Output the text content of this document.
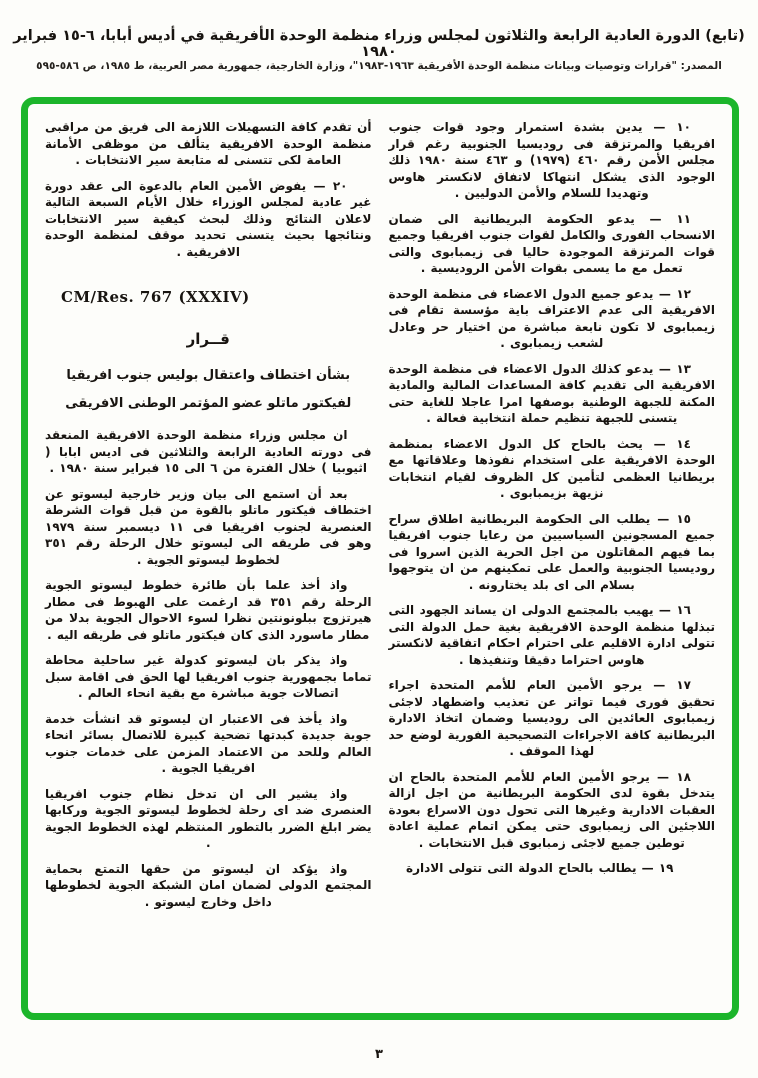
(تابع) الدورة العادية الرابعة والثلاثون لمجلس وزراء منظمة الوحدة الأفريقية في أديس أبابا، ٦-١٥ فبراير ١٩٨٠
المصدر: "قرارات وتوصيات وبيانات منظمة الوحدة الأفريقية ١٩٦٣-١٩٨٣"، وزارة الخارجية، جمهورية مصر العربية، ط ١٩٨٥، ص ٥٨٦-٥٩٥

١٠ — يدين بشدة استمرار وجود قوات جنوب افريقيا والمرتزقة فى روديسيا الجنوبية رغم قرار مجلس الأمن رقم ٤٦٠ (١٩٧٩) و ٤٦٣ سنة ١٩٨٠ ذلك الوجود الذى يشكل انتهاكا لاتفاق لانكستر هاوس وتهديدا للسلام والأمن الدوليين .

١١ — يدعو الحكومة البريطانية الى ضمان الانسحاب الفورى والكامل لقوات جنوب افريقيا وجميع قوات المرتزقة الموجودة حاليا فى زيمبابوى والتى تعمل مع ما يسمى بقوات الأمن الروديسية .

١٢ — يدعو جميع الدول الاعضاء فى منظمة الوحدة الافريقية الى عدم الاعتراف باية مؤسسة تقام فى زيمبابوى لا تكون نابعة مباشرة من اختيار حر وعادل لشعب زيمبابوى .

١٣ — يدعو كذلك الدول الاعضاء فى منظمة الوحدة الافريقية الى تقديم كافة المساعدات المالية والمادية المكنة للجبهة الوطنية بوصفها امرا عاجلا للغاية حتى يتسنى للجبهة تنظيم حملة انتخابية فعالة .

١٤ — يحث بالحاح كل الدول الاعضاء بمنظمة الوحدة الافريقية على استخدام نفوذها وعلاقاتها مع بريطانيا العظمى لتأمين كل الظروف لقيام انتخابات نزيهة بزيمبابوى .

١٥ — يطلب الى الحكومة البريطانية اطلاق سراح جميع المسجونين السياسيين من رعايا جنوب افريقيا بما فيهم المقاتلون من اجل الحرية الذين اسروا فى روديسيا الجنوبية والعمل على تمكينهم من ان يتوجهوا بسلام الى اى بلد يختارونه .

١٦ — يهيب بالمجتمع الدولى ان يساند الجهود التى تبذلها منظمة الوحدة الافريقية بغية حمل الدولة التى تتولى ادارة الاقليم على احترام احكام اتفاقية لانكستر هاوس احتراما دقيقا وتنفيذها .

١٧ — يرجو الأمين العام للأمم المتحدة اجراء تحقيق فورى فيما تواتر عن تعذيب واضطهاد لاجئى زيمبابوى العائدين الى روديسيا وضمان اتخاذ الادارة البريطانية كافة الاجراءات التصحيحية الفورية لوضع حد لهذا الموقف .

١٨ — يرجو الأمين العام للأمم المتحدة بالحاح ان يتدخل بقوة لدى الحكومة البريطانية من اجل ازالة العقبات الادارية وغيرها التى تحول دون الاسراع بعودة اللاجئين الى زيمبابوى حتى يمكن اتمام عملية اعادة توطين جميع لاجئى زمبابوى قبل الانتخابات .

١٩ — يطالب بالحاح الدولة التى تتولى الادارة

أن تقدم كافة التسهيلات اللازمة الى فريق من مراقبى منظمة الوحدة الافريقية يتألف من موظفى الأمانة العامة لكى تتسنى له متابعة سير الانتخابات .

٢٠ — يفوض الأمين العام بالدعوة الى عقد دورة غير عادية لمجلس الوزراء خلال الأيام السبعة التالية لاعلان النتائج وذلك لبحث كيفية سير الانتخابات ونتائجها بحيث يتسنى تحديد موقف لمنظمة الوحدة الافريقية .

CM/Res. 767 (XXXIV)
قــرار
بشأن اختطاف واعتقال بوليس جنوب افريقيا
لفيكتور ماتلو عضو المؤتمر الوطنى الافريقى

ان مجلس وزراء منظمة الوحدة الافريقية المنعقد فى دورته العادية الرابعة والثلاثين فى اديس ابابا ( اثيوبيا ) خلال الفترة من ٦ الى ١٥ فبراير سنة ١٩٨٠ .

بعد أن استمع الى بيان وزير خارجية ليسوتو عن اختطاف فيكتور ماتلو بالقوة من قبل قوات الشرطة العنصرية لجنوب افريقيا فى ١١ ديسمبر سنة ١٩٧٩ وهو فى طريقه الى ليسوتو خلال الرحلة رقم ٣٥١ لخطوط ليسوتو الجوية .

واذ أخذ علما بأن طائرة خطوط ليسوتو الجوية الرحلة رقم ٣٥١ قد ارغمت على الهبوط فى مطار هيرتزوج ببلونونتين نظرا لسوء الاحوال الجوية بدلا من مطار ماسورد الذى كان فيكتور ماتلو فى طريقه اليه .

واذ يذكر بان ليسوتو كدولة غير ساحلية محاطة تماما بجمهورية جنوب افريقيا لها الحق فى اقامة سبل اتصالات جوية مباشرة مع بقية انحاء العالم .

واذ يأخذ فى الاعتبار ان ليسوتو قد انشأت خدمة جوية جديدة كبدتها تضحية كبيرة للاتصال بسائر انحاء العالم وللحد من الاعتماد المزمن على خدمات جنوب افريقيا الجوية .

واذ يشير الى ان تدخل نظام جنوب افريقيا العنصرى ضد اى رحلة لخطوط ليسوتو الجوية وركابها يضر ابلغ الضرر بالتطور المنتظم لهذه الخطوط الجوية .

واذ يؤكد ان ليسوتو من حقها التمتع بحماية المجتمع الدولى لضمان امان الشبكة الجوية لخطوطها داخل وخارج ليسوتو .

٣
